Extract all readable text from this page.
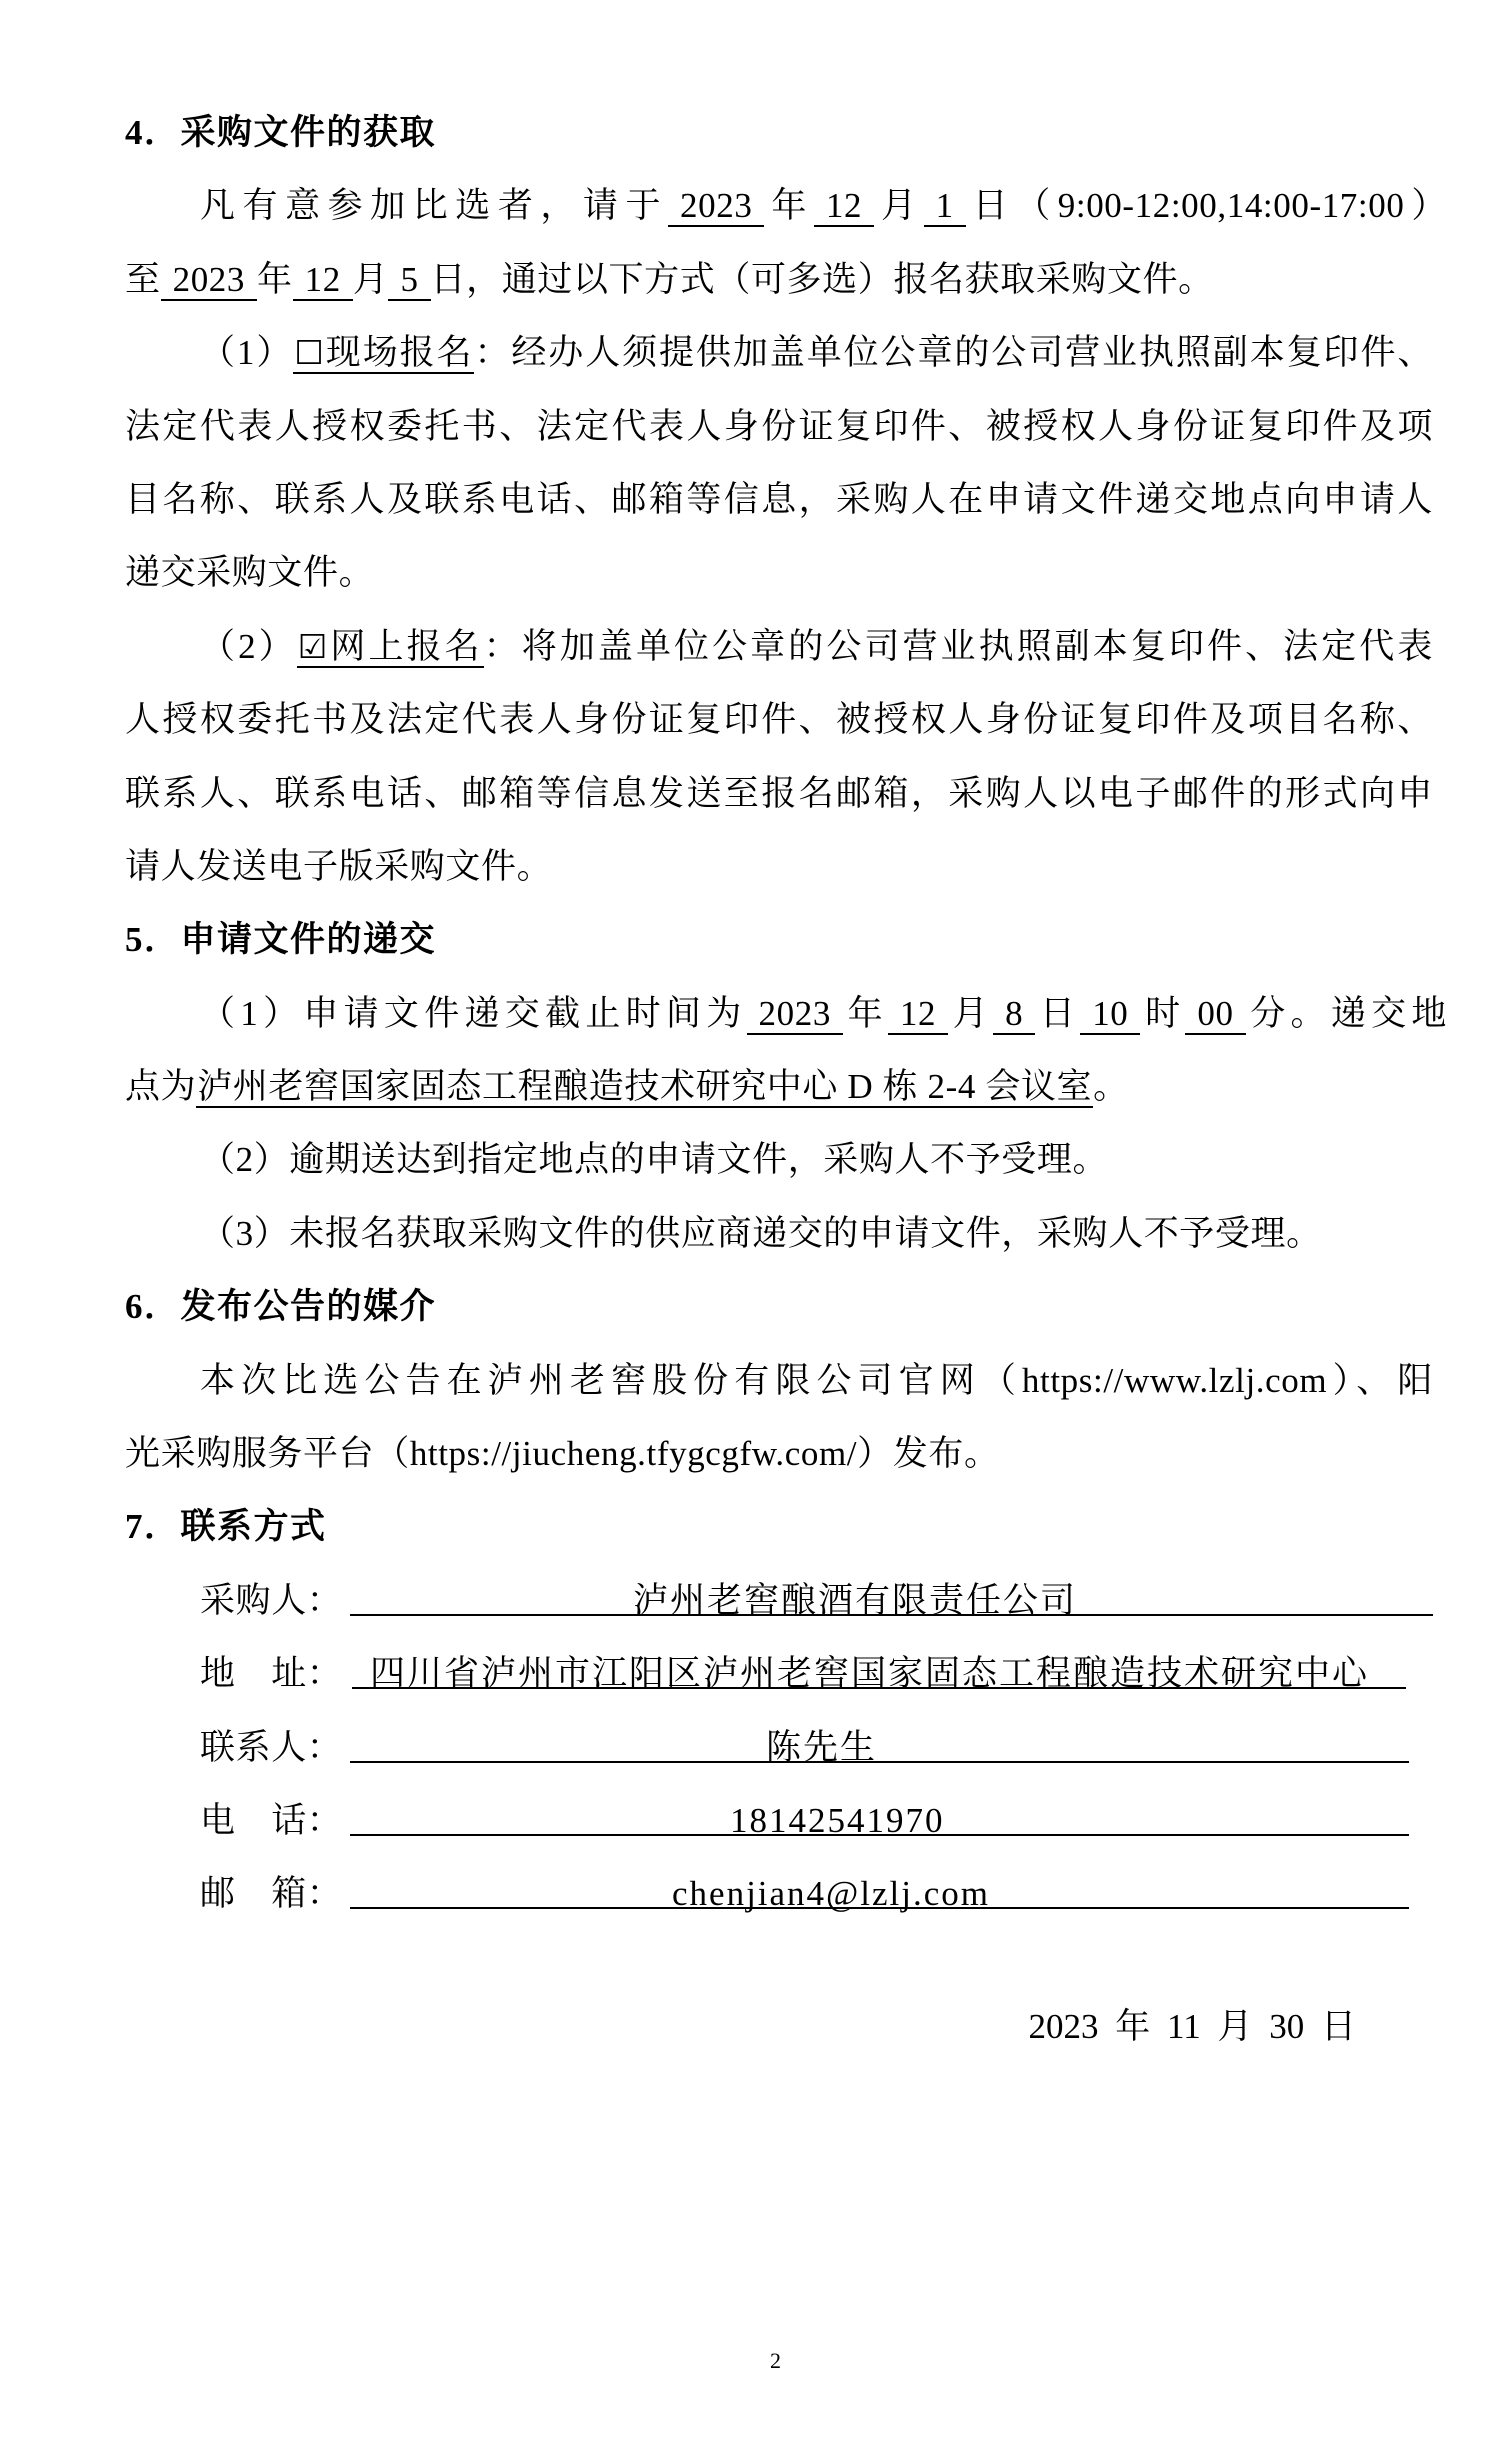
4．采购文件的获取
凡有意参加比选者，请于 2023 年 12 月 1 日（9:00-12:00,14:00-17:00）
至 2023 年 12 月 5 日，通过以下方式（可多选）报名获取采购文件。
（1）☐现场报名：经办人须提供加盖单位公章的公司营业执照副本复印件、
法定代表人授权委托书、法定代表人身份证复印件、被授权人身份证复印件及项
目名称、联系人及联系电话、邮箱等信息，采购人在申请文件递交地点向申请人
递交采购文件。
（2）☑网上报名：将加盖单位公章的公司营业执照副本复印件、法定代表
人授权委托书及法定代表人身份证复印件、被授权人身份证复印件及项目名称、
联系人、联系电话、邮箱等信息发送至报名邮箱，采购人以电子邮件的形式向申
请人发送电子版采购文件。
5．申请文件的递交
（1）申请文件递交截止时间为 2023 年 12 月 8 日 10 时 00 分。递交地
点为泸州老窖国家固态工程酿造技术研究中心 D 栋 2-4 会议室。
（2）逾期送达到指定地点的申请文件，采购人不予受理。
（3）未报名获取采购文件的供应商递交的申请文件，采购人不予受理。
6．发布公告的媒介
本次比选公告在泸州老窖股份有限公司官网（https://www.lzlj.com）、阳
光采购服务平台（https://jiucheng.tfygcgfw.com/）发布。
7．联系方式
采购人：	泸州老窖酿酒有限责任公司
地　址： 四川省泸州市江阳区泸州老窖国家固态工程酿造技术研究中心
联系人：	陈先生
电　话：	18142541970
邮　箱：	chenjian4@lzlj.com
2023 年 11 月 30 日
2
